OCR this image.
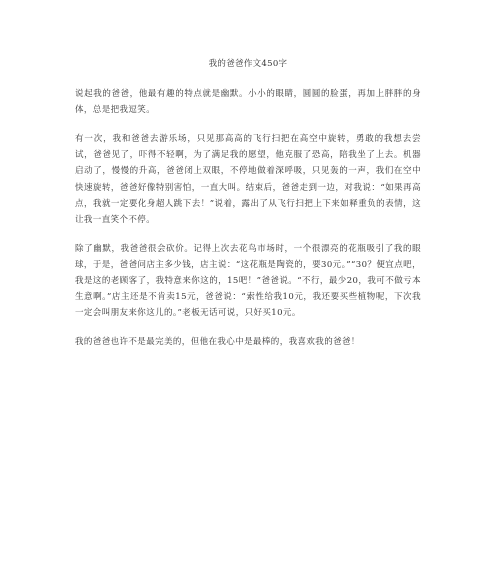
我的爸爸作文450字

说起我的爸爸，他最有趣的特点就是幽默。小小的眼睛，圆圆的脸蛋，再加上胖胖的身体，总是把我逗笑。

有一次，我和爸爸去游乐场，只见那高高的飞行扫把在高空中旋转，勇敢的我想去尝试，爸爸见了，吓得不轻啊，为了满足我的愿望，他克服了恐高，陪我坐了上去。机器启动了，慢慢的升高，爸爸闭上双眼，不停地做着深呼吸，只见轰的一声，我们在空中快速旋转，爸爸好像特别害怕，一直大叫。结束后，爸爸走到一边，对我说：“如果再高点，我就一定要化身超人跳下去！”说着，露出了从飞行扫把上下来如释重负的表情，这让我一直笑个不停。

除了幽默，我爸爸很会砍价。记得上次去花鸟市场时，一个很漂亮的花瓶吸引了我的眼球，于是，爸爸问店主多少钱，店主说：“这花瓶是陶瓷的，要30元。”“30？便宜点吧，我是这的老顾客了，我特意来你这的，15吧！”爸爸说。“不行，最少20，我可不做亏本生意啊。”店主还是不肯卖15元，爸爸说：“索性给我10元，我还要买些植物呢，下次我一定会叫朋友来你这儿的。”老板无话可说，只好买10元。

我的爸爸也许不是最完美的，但他在我心中是最棒的，我喜欢我的爸爸！
